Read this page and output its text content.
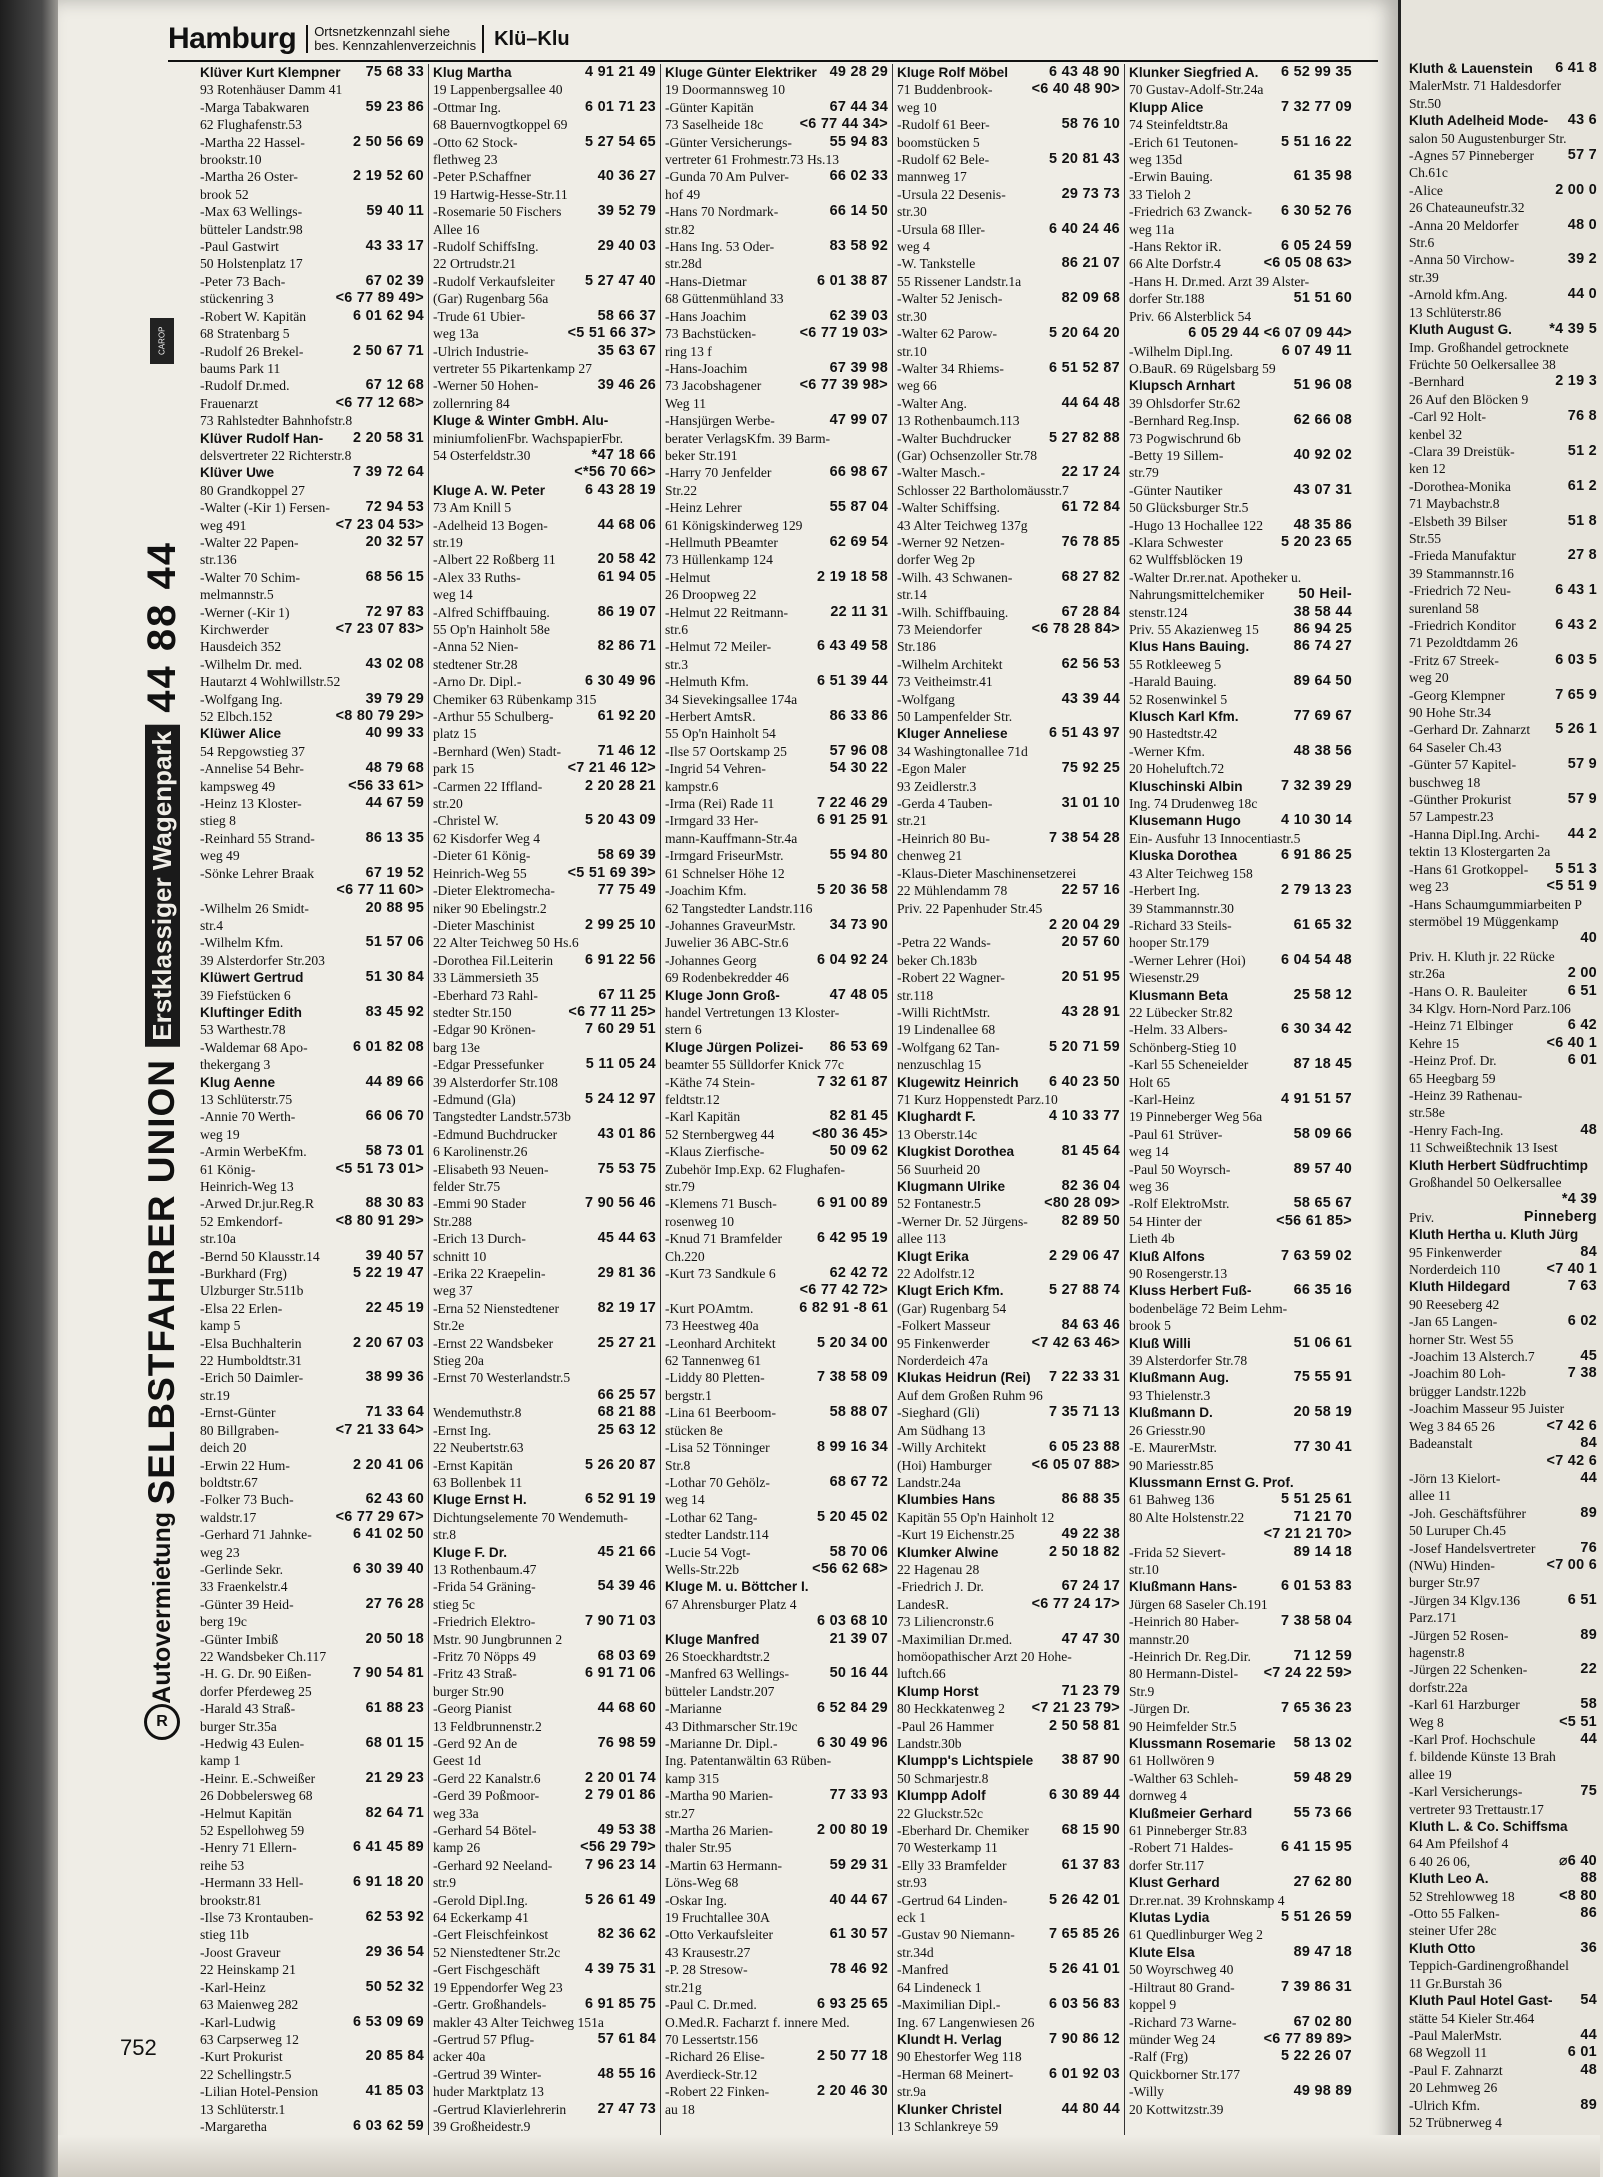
Hamburg	Ortsnetzkennzahl siehe
bes. Kennzahlenverzeichnis Klü–Klu
CAROP
R
Autovermietung
SELBSTFAHRER UNION
Erstklassiger Wagenpark
44 88 44
752
Klüver Kurt Klempner	75 68 33
93 Rotenhäuser Damm 41
-Marga Tabakwaren	59 23 86
62 Flughafenstr.53
-Martha 22 Hassel-	2 50 56 69
brookstr.10
-Martha 26 Oster-	2 19 52 60
brook 52
-Max 63 Wellings-	59 40 11
bütteler Landstr.98
-Paul Gastwirt	43 33 17
50 Holstenplatz 17
-Peter 73 Bach-	67 02 39
stückenring 3	<6 77 89 49>
-Robert W. Kapitän	6 01 62 94
68 Stratenbarg 5
-Rudolf 26 Brekel-	2 50 67 71
baums Park 11
-Rudolf Dr.med.	67 12 68
Frauenarzt	<6 77 12 68>
73 Rahlstedter Bahnhofstr.8
Klüver Rudolf Han-	2 20 58 31
delsvertreter 22 Richterstr.8
Klüver Uwe	7 39 72 64
80 Grandkoppel 27
-Walter (-Kir 1) Fersen-	72 94 53
weg 491	<7 23 04 53>
-Walter 22 Papen-	20 32 57
str.136
-Walter 70 Schim-	68 56 15
melmannstr.5
-Werner (-Kir 1)	72 97 83
Kirchwerder	<7 23 07 83>
Hausdeich 352
-Wilhelm Dr. med.	43 02 08
Hautarzt 4 Wohlwillstr.52
-Wolfgang Ing.	39 79 29
52 Elbch.152	<8 80 79 29>
Klüwer Alice	40 99 33
54 Repgowstieg 37
-Annelise 54 Behr-	48 79 68
kampsweg 49	<56 33 61>
-Heinz 13 Kloster-	44 67 59
stieg 8
-Reinhard 55 Strand-	86 13 35
weg 49
-Sönke Lehrer Braak	67 19 52
<6 77 11 60>
-Wilhelm 26 Smidt-	20 88 95
str.4
-Wilhelm Kfm.	51 57 06
39 Alsterdorfer Str.203
Klüwert Gertrud	51 30 84
39 Fiefstücken 6
Kluftinger Edith	83 45 92
53 Warthestr.78
-Waldemar 68 Apo-	6 01 82 08
thekergang 3
Klug Aenne	44 89 66
13 Schlüterstr.75
-Annie 70 Werth-	66 06 70
weg 19
-Armin WerbeKfm.	58 73 01
61 König-	<5 51 73 01>
Heinrich-Weg 13
-Arwed Dr.jur.Reg.R	88 30 83
52 Emkendorf-	<8 80 91 29>
str.10a
-Bernd 50 Klausstr.14	39 40 57
-Burkhard (Frg)	5 22 19 47
Ulzburger Str.511b
-Elsa 22 Erlen-	22 45 19
kamp 5
-Elsa Buchhalterin	2 20 67 03
22 Humboldtstr.31
-Erich 50 Daimler-	38 99 36
str.19
-Ernst-Günter	71 33 64
80 Billgraben-	<7 21 33 64>
deich 20
-Erwin 22 Hum-	2 20 41 06
boldtstr.67
-Folker 73 Buch-	62 43 60
waldstr.17	<6 77 29 67>
-Gerhard 71 Jahnke-	6 41 02 50
weg 23
-Gerlinde Sekr.	6 30 39 40
33 Fraenkelstr.4
-Günter 39 Heid-	27 76 28
berg 19c
-Günter Imbiß	20 50 18
22 Wandsbeker Ch.117
-H. G. Dr. 90 Eißen-	7 90 54 81
dorfer Pferdeweg 25
-Harald 43 Straß-	61 88 23
burger Str.35a
-Hedwig 43 Eulen-	68 01 15
kamp 1
-Heinr. E.-Schweißer	21 29 23
26 Dobbelersweg 68
-Helmut Kapitän	82 64 71
52 Espellohweg 59
-Henry 71 Ellern-	6 41 45 89
reihe 53
-Hermann 33 Hell-	6 91 18 20
brookstr.81
-Ilse 73 Krontauben-	62 53 92
stieg 11b
-Joost Graveur	29 36 54
22 Heinskamp 21
-Karl-Heinz	50 52 32
63 Maienweg 282
-Karl-Ludwig	6 53 09 69
63 Carpserweg 12
-Kurt Prokurist	20 85 84
22 Schellingstr.5
-Lilian Hotel-Pension	41 85 03
13 Schlüterstr.1
-Margaretha	6 03 62 59
Klug Martha	4 91 21 49
19 Lappenbergsallee 40
-Ottmar Ing.	6 01 71 23
68 Bauernvogtkoppel 69
-Otto 62 Stock-	5 27 54 65
flethweg 23
-Peter P.Schaffner	40 36 27
19 Hartwig-Hesse-Str.11
-Rosemarie 50 Fischers	39 52 79
Allee 16
-Rudolf SchiffsIng.	29 40 03
22 Ortrudstr.21
-Rudolf Verkaufsleiter	5 27 47 40
(Gar) Rugenbarg 56a
-Trude 61 Ubier-	58 66 37
weg 13a	<5 51 66 37>
-Ulrich Industrie-	35 63 67
vertreter 55 Pikartenkamp 27
-Werner 50 Hohen-	39 46 26
zollernring 84
Kluge & Winter GmbH. Alu-
miniumfolienFbr. WachspapierFbr.
54 Osterfeldstr.30	*47 18 66
<*56 70 66>
Kluge A. W. Peter	6 43 28 19
73 Am Knill 5
-Adelheid 13 Bogen-	44 68 06
str.19
-Albert 22 Roßberg 11	20 58 42
-Alex 33 Ruths-	61 94 05
weg 14
-Alfred Schiffbauing.	86 19 07
55 Op'n Hainholt 58e
-Anna 52 Nien-	82 86 71
stedtener Str.28
-Arno Dr. Dipl.-	6 30 49 96
Chemiker 63 Rübenkamp 315
-Arthur 55 Schulberg-	61 92 20
platz 15
-Bernhard (Wen) Stadt-	71 46 12
park 15	<7 21 46 12>
-Carmen 22 Iffland-	2 20 28 21
str.20
-Christel W.	5 20 43 09
62 Kisdorfer Weg 4
-Dieter 61 König-	58 69 39
Heinrich-Weg 55	<5 51 69 39>
-Dieter Elektromecha-	77 75 49
niker 90 Ebelingstr.2
-Dieter Maschinist	2 99 25 10
22 Alter Teichweg 50 Hs.6
-Dorothea Fil.Leiterin	6 91 22 56
33 Lämmersieth 35
-Eberhard 73 Rahl-	67 11 25
stedter Str.150	<6 77 11 25>
-Edgar 90 Krönen-	7 60 29 51
barg 13e
-Edgar Pressefunker	5 11 05 24
39 Alsterdorfer Str.108
-Edmund (Gla)	5 24 12 97
Tangstedter Landstr.573b
-Edmund Buchdrucker	43 01 86
6 Karolinenstr.26
-Elisabeth 93 Neuen-	75 53 75
felder Str.75
-Emmi 90 Stader	7 90 56 46
Str.288
-Erich 13 Durch-	45 44 63
schnitt 10
-Erika 22 Kraepelin-	29 81 36
weg 37
-Erna 52 Nienstedtener	82 19 17
Str.2e
-Ernst 22 Wandsbeker	25 27 21
Stieg 20a
-Ernst 70 Westerlandstr.5
66 25 57
Wendemuthstr.8	68 21 88
-Ernst Ing.	25 63 12
22 Neubertstr.63
-Ernst Kapitän	5 26 20 87
63 Bollenbek 11
Kluge Ernst H.	6 52 91 19
Dichtungselemente 70 Wendemuth-
str.8
Kluge F. Dr.	45 21 66
13 Rothenbaum.47
-Frida 54 Gräning-	54 39 46
stieg 5c
-Friedrich Elektro-	7 90 71 03
Mstr. 90 Jungbrunnen 2
-Fritz 70 Nöpps 49	68 03 69
-Fritz 43 Straß-	6 91 71 06
burger Str.90
-Georg Pianist	44 68 60
13 Feldbrunnenstr.2
-Gerd 92 An de	76 98 59
Geest 1d
-Gerd 22 Kanalstr.6	2 20 01 74
-Gerd 39 Poßmoor-	2 79 01 86
weg 33a
-Gerhard 54 Bötel-	49 53 38
kamp 26	<56 29 79>
-Gerhard 92 Neeland-	7 96 23 14
str.9
-Gerold Dipl.Ing.	5 26 61 49
64 Eckerkamp 41
-Gert Fleischfeinkost	82 36 62
52 Nienstedtener Str.2c
-Gert Fischgeschäft	4 39 75 31
19 Eppendorfer Weg 23
-Gertr. Großhandels-	6 91 85 75
makler 43 Alter Teichweg 151a
-Gertrud 57 Pflug-	57 61 84
acker 40a
-Gertrud 39 Winter-	48 55 16
huder Marktplatz 13
-Gertrud Klavierlehrerin	27 47 73
39 Großheidestr.9
Kluge Günter Elektriker 49 28 29
19 Doormannsweg 10
-Günter Kapitän	67 44 34
73 Saselheide 18c	<6 77 44 34>
-Günter Versicherungs-	55 94 83
vertreter 61 Frohmestr.73 Hs.13
-Gunda 70 Am Pulver-	66 02 33
hof 49
-Hans 70 Nordmark-	66 14 50
str.82
-Hans Ing. 53 Oder-	83 58 92
str.28d
-Hans-Dietmar	6 01 38 87
68 Güttenmühland 33
-Hans Joachim	62 39 03
73 Bachstücken-	<6 77 19 03>
ring 13 f
-Hans-Joachim	67 39 98
73 Jacobshagener	<6 77 39 98>
Weg 11
-Hansjürgen Werbe-	47 99 07
berater VerlagsKfm. 39 Barm-
beker Str.191
-Harry 70 Jenfelder	66 98 67
Str.22
-Heinz Lehrer	55 87 04
61 Königskinderweg 129
-Hellmuth PBeamter	62 69 54
73 Hüllenkamp 124
-Helmut	2 19 18 58
26 Droopweg 22
-Helmut 22 Reitmann-	22 11 31
str.6
-Helmut 72 Meiler-	6 43 49 58
str.3
-Helmuth Kfm.	6 51 39 44
34 Sievekingsallee 174a
-Herbert AmtsR.	86 33 86
55 Op'n Hainholt 54
-Ilse 57 Oortskamp 25	57 96 08
-Ingrid 54 Vehren-	54 30 22
kampstr.6
-Irma (Rei) Rade 11	7 22 46 29
-Irmgard 33 Her-	6 91 25 91
mann-Kauffmann-Str.4a
-Irmgard FriseurMstr.	55 94 80
61 Schnelser Höhe 12
-Joachim Kfm.	5 20 36 58
62 Tangstedter Landstr.116
-Johannes GraveurMstr.	34 73 90
Juwelier 36 ABC-Str.6
-Johannes Georg	6 04 92 24
69 Rodenbekredder 46
Kluge Jonn Groß-	47 48 05
handel Vertretungen 13 Kloster-
stern 6
Kluge Jürgen Polizei-	86 53 69
beamter 55 Sülldorfer Knick 77c
-Käthe 74 Stein-	7 32 61 87
feldtstr.12
-Karl Kapitän	82 81 45
52 Sternbergweg 44	<80 36 45>
-Klaus Zierfische-	50 09 62
Zubehör Imp.Exp. 62 Flughafen-
str.79
-Klemens 71 Busch-	6 91 00 89
rosenweg 10
-Knud 71 Bramfelder	6 42 95 19
Ch.220
-Kurt 73 Sandkule 6	62 42 72
<6 77 42 72>
-Kurt POAmtm.	6 82 91 -8 61
73 Heestweg 40a
-Leonhard Architekt	5 20 34 00
62 Tannenweg 61
-Liddy 80 Pletten-	7 38 58 09
bergstr.1
-Lina 61 Beerboom-	58 88 07
stücken 8e
-Lisa 52 Tönninger	8 99 16 34
Str.8
-Lothar 70 Gehölz-	68 67 72
weg 14
-Lothar 62 Tang-	5 20 45 02
stedter Landstr.114
-Lucie 54 Vogt-	58 70 06
Wells-Str.22b	<56 62 68>
Kluge M. u. Böttcher I.
67 Ahrensburger Platz 4
6 03 68 10
Kluge Manfred	21 39 07
26 Stoeckhardtstr.2
-Manfred 63 Wellings-	50 16 44
bütteler Landstr.207
-Marianne	6 52 84 29
43 Dithmarscher Str.19c
-Marianne Dr. Dipl.-	6 30 49 96
Ing. Patentanwältin 63 Rüben-
kamp 315
-Martha 90 Marien-	77 33 93
str.27
-Martha 26 Marien-	2 00 80 19
thaler Str.95
-Martin 63 Hermann-	59 29 31
Löns-Weg 68
-Oskar Ing.	40 44 67
19 Fruchtallee 30A
-Otto Verkaufsleiter	61 30 57
43 Krausestr.27
-P. 28 Stresow-	78 46 92
str.21g
-Paul C. Dr.med.	6 93 25 65
O.Med.R. Facharzt f. innere Med.
70 Lessertstr.156
-Richard 26 Elise-	2 50 77 18
Averdieck-Str.12
-Robert 22 Finken-	2 20 46 30
au 18
Kluge Rolf Möbel	6 43 48 90
71 Buddenbrook-	<6 40 48 90>
weg 10
-Rudolf 61 Beer-	58 76 10
boomstücken 5
-Rudolf 62 Bele-	5 20 81 43
mannweg 17
-Ursula 22 Desenis-	29 73 73
str.30
-Ursula 68 Iller-	6 40 24 46
weg 4
-W. Tankstelle	86 21 07
55 Rissener Landstr.1a
-Walter 52 Jenisch-	82 09 68
str.30
-Walter 62 Parow-	5 20 64 20
str.10
-Walter 34 Rhiems-	6 51 52 87
weg 66
-Walter Ang.	44 64 48
13 Rothenbaumch.113
-Walter Buchdrucker	5 27 82 88
(Gar) Ochsenzoller Str.78
-Walter Masch.-	22 17 24
Schlosser 22 Bartholomäusstr.7
-Walter Schiffsing.	61 72 84
43 Alter Teichweg 137g
-Werner 92 Netzen-	76 78 85
dorfer Weg 2p
-Wilh. 43 Schwanen-	68 27 82
str.14
-Wilh. Schiffbauing.	67 28 84
73 Meiendorfer	<6 78 28 84>
Str.186
-Wilhelm Architekt	62 56 53
73 Veitheimstr.41
-Wolfgang	43 39 44
50 Lampenfelder Str.
Kluger Anneliese	6 51 43 97
34 Washingtonallee 71d
-Egon Maler	75 92 25
93 Zeidlerstr.3
-Gerda 4 Tauben-	31 01 10
str.21
-Heinrich 80 Bu-	7 38 54 28
chenweg 21
-Klaus-Dieter Maschinensetzerei
22 Mühlendamm 78	22 57 16
Priv. 22 Papenhuder Str.45
2 20 04 29
-Petra 22 Wands-	20 57 60
beker Ch.183b
-Robert 22 Wagner-	20 51 95
str.118
-Willi RichtMstr.	43 28 91
19 Lindenallee 68
-Wolfgang 62 Tan-	5 20 71 59
nenzuschlag 15
Klugewitz Heinrich	6 40 23 50
71 Kurz Hoppenstedt Parz.10
Klughardt F.	4 10 33 77
13 Oberstr.14c
Klugkist Dorothea	81 45 64
56 Suurheid 20
Klugmann Ulrike	82 36 04
52 Fontanestr.5	<80 28 09>
-Werner Dr. 52 Jürgens-	82 89 50
allee 113
Klugt Erika	2 29 06 47
22 Adolfstr.12
Klugt Erich Kfm.	5 27 88 74
(Gar) Rugenbarg 54
-Folkert Masseur	84 63 46
95 Finkenwerder	<7 42 63 46>
Norderdeich 47a
Klukas Heidrun (Rei)	7 22 33 31
Auf dem Großen Ruhm 96
-Sieghard (Gli)	7 35 71 13
Am Südhang 13
-Willy Architekt	6 05 23 88
(Hoi) Hamburger	<6 05 07 88>
Landstr.24a
Klumbies Hans	86 88 35
Kapitän 55 Op'n Hainholt 12
-Kurt 19 Eichenstr.25	49 22 38
Klumker Alwine	2 50 18 82
22 Hagenau 28
-Friedrich J. Dr.	67 24 17
LandesR.	<6 77 24 17>
73 Liliencronstr.6
-Maximilian Dr.med.	47 47 30
homöopathischer Arzt 20 Hohe-
luftch.66
Klump Horst	71 23 79
80 Heckkatenweg 2	<7 21 23 79>
-Paul 26 Hammer	2 50 58 81
Landstr.30b
Klumpp's Lichtspiele	38 87 90
50 Schmarjestr.8
Klumpp Adolf	6 30 89 44
22 Gluckstr.52c
-Eberhard Dr. Chemiker	68 15 90
70 Westerkamp 11
-Elly 33 Bramfelder	61 37 83
str.93
-Gertrud 64 Linden-	5 26 42 01
eck 1
-Gustav 90 Niemann-	7 65 85 26
str.34d
-Manfred	5 26 41 01
64 Lindeneck 1
-Maximilian Dipl.-	6 03 56 83
Ing. 67 Langenwiesen 26
Klundt H. Verlag	7 90 86 12
90 Ehestorfer Weg 118
-Herman 68 Meinert-	6 01 92 03
str.9a
Klunker Christel	44 80 44
13 Schlankreye 59
Klunker Siegfried A.	6 52 99 35
70 Gustav-Adolf-Str.24a
Klupp Alice	7 32 77 09
74 Steinfeldtstr.8a
-Erich 61 Teutonen-	5 51 16 22
weg 135d
-Erwin Bauing.	61 35 98
33 Tieloh 2
-Friedrich 63 Zwanck-	6 30 52 76
weg 11a
-Hans Rektor iR.	6 05 24 59
66 Alte Dorfstr.4	<6 05 08 63>
-Hans H. Dr.med. Arzt 39 Alster-
dorfer Str.188	51 51 60
Priv. 66 Alsterblick 54
6 05 29 44 <6 07 09 44>
-Wilhelm Dipl.Ing.	6 07 49 11
O.BauR. 69 Rügelsbarg 59
Klupsch Arnhart	51 96 08
39 Ohlsdorfer Str.62
-Bernhard Reg.Insp.	62 66 08
73 Pogwischrund 6b
-Betty 19 Sillem-	40 92 02
str.79
-Günter Nautiker	43 07 31
50 Glücksburger Str.5
-Hugo 13 Hochallee 122	48 35 86
-Klara Schwester	5 20 23 65
62 Wulffsblöcken 19
-Walter Dr.rer.nat. Apotheker u.
Nahrungsmittelchemiker	50 Heil-
stenstr.124	38 58 44
Priv. 55 Akazienweg 15	86 94 25
Klus Hans Bauing.	86 74 27
55 Rotkleeweg 5
-Harald Bauing.	89 64 50
52 Rosenwinkel 5
Klusch Karl Kfm.	77 69 67
90 Hastedtstr.42
-Werner Kfm.	48 38 56
20 Hoheluftch.72
Kluschinski Albin	7 32 39 29
Ing. 74 Drudenweg 18c
Klusemann Hugo	4 10 30 14
Ein- Ausfuhr 13 Innocentiastr.5
Kluska Dorothea	6 91 86 25
43 Alter Teichweg 158
-Herbert Ing.	2 79 13 23
39 Stammannstr.30
-Richard 33 Steils-	61 65 32
hooper Str.179
-Werner Lehrer (Hoi)	6 04 54 48
Wiesenstr.29
Klusmann Beta	25 58 12
22 Lübecker Str.82
-Helm. 33 Albers-	6 30 34 42
Schönberg-Stieg 10
-Karl 55 Scheneielder	87 18 45
Holt 65
-Karl-Heinz	4 91 51 57
19 Pinneberger Weg 56a
-Paul 61 Strüver-	58 09 66
weg 14
-Paul 50 Woyrsch-	89 57 40
weg 36
-Rolf ElektroMstr.	58 65 67
54 Hinter der	<56 61 85>
Lieth 4b
Kluß Alfons	7 63 59 02
90 Rosengerstr.13
Kluss Herbert Fuß-	66 35 16
bodenbeläge 72 Beim Lehm-
brook 5
Kluß Willi	51 06 61
39 Alsterdorfer Str.78
Klußmann Aug.	75 55 91
93 Thielenstr.3
Klußmann D.	20 58 19
26 Griesstr.90
-E. MaurerMstr.	77 30 41
90 Mariesstr.85
Klussmann Ernst G. Prof.
61 Bahweg 136	5 51 25 61
80 Alte Holstenstr.22	71 21 70
<7 21 21 70>
-Frida 52 Sievert-	89 14 18
str.10
Klußmann Hans-	6 01 53 83
Jürgen 68 Saseler Ch.191
-Heinrich 80 Haber-	7 38 58 04
mannstr.20
-Heinrich Dr. Reg.Dir.	71 12 59
80 Hermann-Distel-	<7 24 22 59>
Str.9
-Jürgen Dr.	7 65 36 23
90 Heimfelder Str.5
Klussmann Rosemarie	58 13 02
61 Hollwören 9
-Walther 63 Schleh-	59 48 29
dornweg 4
Klußmeier Gerhard	55 73 66
61 Pinneberger Str.83
-Robert 71 Haldes-	6 41 15 95
dorfer Str.117
Klust Gerhard	27 62 80
Dr.rer.nat. 39 Krohnskamp 4
Klutas Lydia	5 51 26 59
61 Quedlinburger Weg 2
Klute Elsa	89 47 18
50 Woyrschweg 40
-Hiltraut 80 Grand-	7 39 86 31
koppel 9
-Richard 73 Warne-	67 02 80
münder Weg 24	<6 77 89 89>
-Ralf (Frg)	5 22 26 07
Quickborner Str.177
-Willy	49 98 89
20 Kottwitzstr.39
Kluth & Lauenstein	6 41 8
MalerMstr. 71 Haldesdorfer
Str.50
Kluth Adelheid Mode-	43 6
salon 50 Augustenburger Str.
-Agnes 57 Pinneberger	57 7
Ch.61c
-Alice	2 00 0
26 Chateauneufstr.32
-Anna 20 Meldorfer	48 0
Str.6
-Anna 50 Virchow-	39 2
str.39
-Arnold kfm.Ang.	44 0
13 Schlüterstr.86
Kluth August G.	*4 39 5
Imp. Großhandel getrocknete
Früchte 50 Oelkersallee 38
-Bernhard	2 19 3
26 Auf den Blöcken 9
-Carl 92 Holt-	76 8
kenbel 32
-Clara 39 Dreistük-	51 2
ken 12
-Dorothea-Monika	61 2
71 Maybachstr.8
-Elsbeth 39 Bilser	51 8
Str.55
-Frieda Manufaktur	27 8
39 Stammannstr.16
-Friedrich 72 Neu-	6 43 1
surenland 58
-Friedrich Konditor	6 43 2
71 Pezoldtdamm 26
-Fritz 67 Streek-	6 03 5
weg 20
-Georg Klempner	7 65 9
90 Hohe Str.34
-Gerhard Dr. Zahnarzt	5 26 1
64 Saseler Ch.43
-Günter 57 Kapitel-	57 9
buschweg 18
-Günther Prokurist	57 9
57 Lampestr.23
-Hanna Dipl.Ing. Archi-	44 2
tektin 13 Klostergarten 2a
-Hans 61 Grotkoppel-	5 51 3
weg 23	<5 51 9
-Hans Schaumgummiarbeiten P
stermöbel 19 Müggenkamp
40
Priv. H. Kluth jr. 22 Rücke
str.26a	2 00
-Hans O. R. Bauleiter	6 51
34 Klgv. Horn-Nord Parz.106
-Heinz 71 Elbinger	6 42
Kehre 15	<6 40 1
-Heinz Prof. Dr.	6 01
65 Heegbarg 59
-Heinz 39 Rathenau-
str.58e
-Henry Fach-Ing.	48
11 Schweißtechnik 13 Isest
Kluth Herbert Südfruchtimp
Großhandel 50 Oelkersallee
*4 39
Priv.	Pinneberg
Kluth Hertha u. Kluth Jürg
95 Finkenwerder	84
Norderdeich 110	<7 40 1
Kluth Hildegard	7 63
90 Reeseberg 42
-Jan 65 Langen-	6 02
horner Str. West 55
-Joachim 13 Alsterch.7	45
-Joachim 80 Loh-	7 38
brügger Landstr.122b
-Joachim Masseur 95 Juister
Weg 3 84 65 26	<7 42 6
Badeanstalt	84
<7 42 6
-Jörn 13 Kielort-	44
allee 11
-Joh. Geschäftsführer	89
50 Luruper Ch.45
-Josef Handelsvertreter	76
(NWu) Hinden-	<7 00 6
burger Str.97
-Jürgen 34 Klgv.136	6 51
Parz.171
-Jürgen 52 Rosen-	89
hagenstr.8
-Jürgen 22 Schenken-	22
dorfstr.22a
-Karl 61 Harzburger	58
Weg 8	<5 51
-Karl Prof. Hochschule	44
f. bildende Künste 13 Brah
allee 19
-Karl Versicherungs-	75
vertreter 93 Trettaustr.17
Kluth L. & Co. Schiffsma
64 Am Pfeilshof 4
6 40 26 06,	⌀6 40
Kluth Leo A.	88
52 Strehlowweg 18	<8 80
-Otto 55 Falken-	86
steiner Ufer 28c
Kluth Otto	36
Teppich-Gardinengroßhandel
11 Gr.Burstah 36
Kluth Paul Hotel Gast-	54
stätte 54 Kieler Str.464
-Paul MalerMstr.	44
68 Wegzoll 11	6 01
-Paul F. Zahnarzt	48
20 Lehmweg 26
-Ulrich Kfm.	89
52 Trübnerweg 4
